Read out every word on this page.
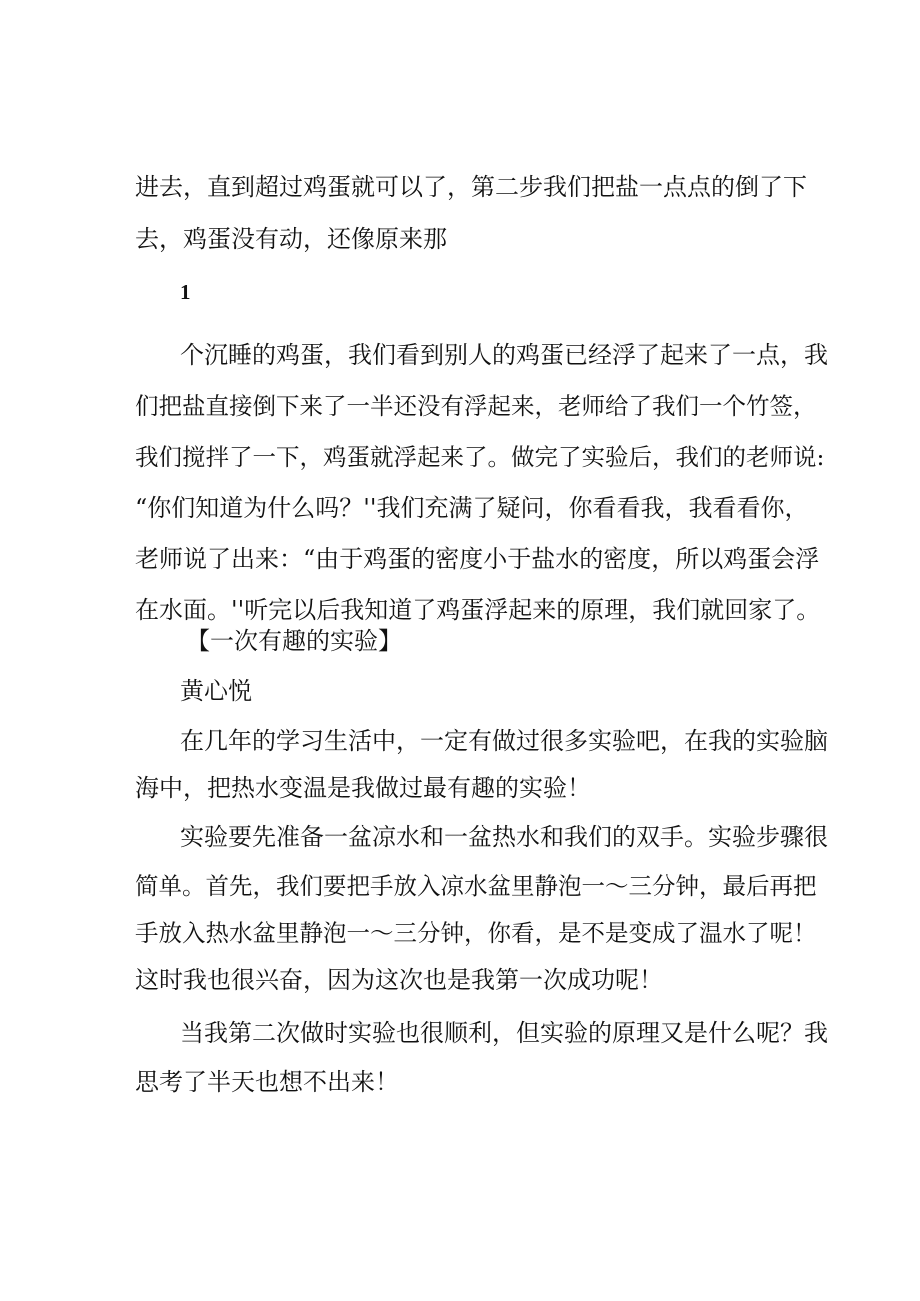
进去，直到超过鸡蛋就可以了，第二步我们把盐一点点的倒了下
去，鸡蛋没有动，还像原来那
1
个沉睡的鸡蛋，我们看到别人的鸡蛋已经浮了起来了一点，我
们把盐直接倒下来了一半还没有浮起来，老师给了我们一个竹签，
我们搅拌了一下，鸡蛋就浮起来了。做完了实验后，我们的老师说:
“你们知道为什么吗？''我们充满了疑问，你看看我，我看看你，
老师说了出来：“由于鸡蛋的密度小于盐水的密度，所以鸡蛋会浮
在水面。''听完以后我知道了鸡蛋浮起来的原理，我们就回家了。
【一次有趣的实验】
黄心悦
在几年的学习生活中，一定有做过很多实验吧，在我的实验脑
海中，把热水变温是我做过最有趣的实验！
实验要先准备一盆凉水和一盆热水和我们的双手。实验步骤很
简单。首先，我们要把手放入凉水盆里静泡一～三分钟，最后再把
手放入热水盆里静泡一～三分钟，你看，是不是变成了温水了呢！
这时我也很兴奋，因为这次也是我第一次成功呢！
当我第二次做时实验也很顺利，但实验的原理又是什么呢？我
思考了半天也想不出来！
